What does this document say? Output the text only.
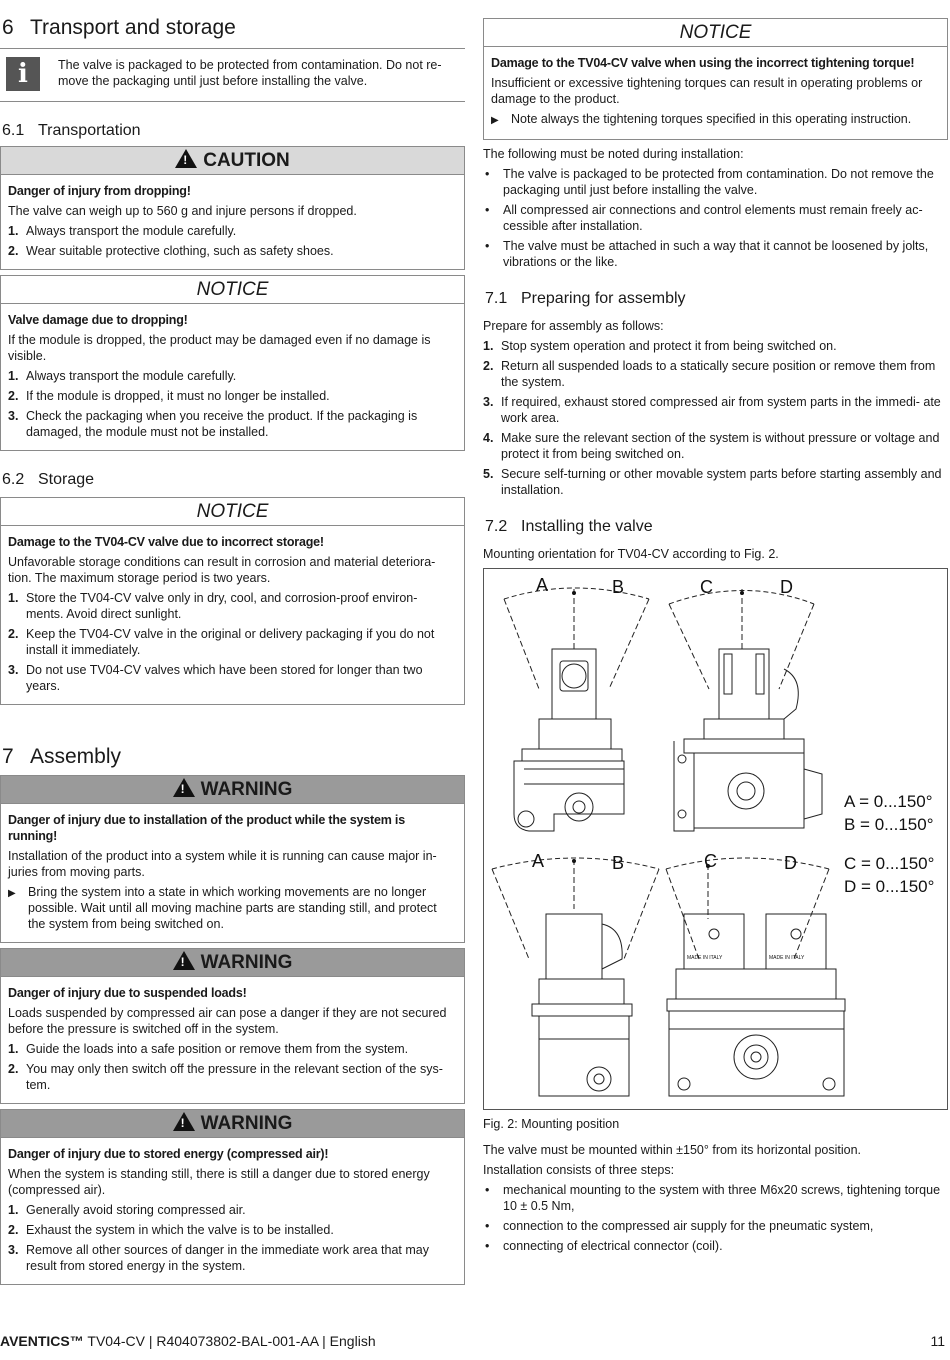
6 Transport and storage
i	The valve is packaged to be protected from contamination. Do not re- move the packaging until just before installing the valve.
6.1 Transportation
!CAUTION
Danger of injury from dropping!
The valve can weigh up to 560 g and injure persons if dropped.
1. Always transport the module carefully.
2. Wear suitable protective clothing, such as safety shoes.
NOTICE
Valve damage due to dropping!
If the module is dropped, the product may be damaged even if no damage is visible.
1. Always transport the module carefully.
2. If the module is dropped, it must no longer be installed.
3. Check the packaging when you receive the product. If the packaging is damaged, the module must not be installed.
6.2 Storage
NOTICE
Damage to the TV04-CV valve due to incorrect storage!
Unfavorable storage conditions can result in corrosion and material deteriora- tion. The maximum storage period is two years.
1. Store the TV04-CV valve only in dry, cool, and corrosion-proof environ- ments. Avoid direct sunlight.
2. Keep the TV04-CV valve in the original or delivery packaging if you do not install it immediately.
3. Do not use TV04-CV valves which have been stored for longer than two years.
7 Assembly
!WARNING
Danger of injury due to installation of the product while the system is running!
Installation of the product into a system while it is running can cause major in- juries from moving parts.
▶ Bring the system into a state in which working movements are no longer possible. Wait until all moving machine parts are standing still, and protect the system from being switched on.
!WARNING
Danger of injury due to suspended loads!
Loads suspended by compressed air can pose a danger if they are not secured before the pressure is switched off in the system.
1. Guide the loads into a safe position or remove them from the system.
2. You may only then switch off the pressure in the relevant section of the sys- tem.
!WARNING
Danger of injury due to stored energy (compressed air)!
When the system is standing still, there is still a danger due to stored energy (compressed air).
1. Generally avoid storing compressed air.
2. Exhaust the system in which the valve is to be installed.
3. Remove all other sources of danger in the immediate work area that may result from stored energy in the system.
NOTICE
Damage to the TV04-CV valve when using the incorrect tightening torque!
Insufficient or excessive tightening torques can result in operating problems or damage to the product.
▶ Note always the tightening torques specified in this operating instruction.
The following must be noted during installation:
•	The valve is packaged to be protected from contamination. Do not remove the packaging until just before installing the valve.
•	All compressed air connections and control elements must remain freely ac- cessible after installation.
•	The valve must be attached in such a way that it cannot be loosened by jolts, vibrations or the like.
7.1 Preparing for assembly
Prepare for assembly as follows:
1. Stop system operation and protect it from being switched on.
2. Return all suspended loads to a statically secure position or remove them from the system.
3. If required, exhaust stored compressed air from system parts in the immedi- ate work area.
4. Make sure the relevant section of the system is without pressure or voltage and protect it from being switched on.
5. Secure self-turning or other movable system parts before starting assembly and installation.
7.2 Installing the valve
Mounting orientation for TV04-CV according to Fig. 2.
A	B	C	D
A	B	C	D
A = 0...150°
B = 0...150°
C = 0...150°
D = 0...150°
MADE IN ITALY	MADE IN ITALY
Fig. 2: Mounting position
The valve must be mounted within ±150° from its horizontal position.
Installation consists of three steps:
•	mechanical mounting to the system with three M6x20 screws, tightening torque 10 ± 0.5 Nm,
•	connection to the compressed air supply for the pneumatic system,
•	connecting of electrical connector (coil).
AVENTICS™ TV04-CV | R404073802-BAL-001-AA | English	11
